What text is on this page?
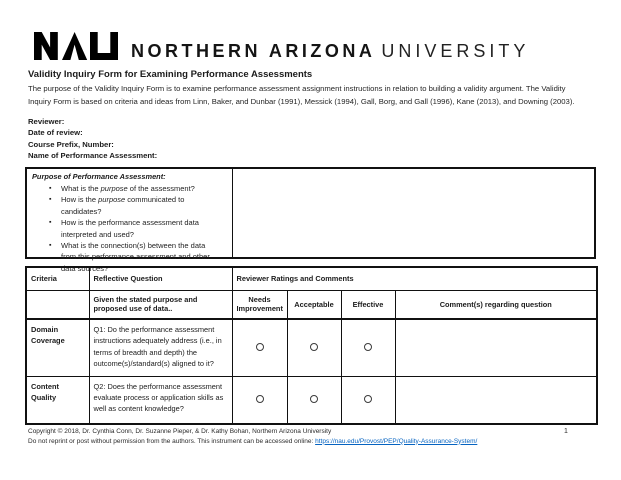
NORTHERN ARIZONA UNIVERSITY
Validity Inquiry Form for Examining Performance Assessments
The purpose of the Validity Inquiry Form is to examine performance assessment assignment instructions in relation to building a validity argument. The Validity Inquiry Form is based on criteria and ideas from Linn, Baker, and Dunbar (1991), Messick (1994), Gall, Borg, and Gall (1996), Kane (2013), and Downing (2003).
Reviewer:
Date of review:
Course Prefix, Number:
Name of Performance Assessment:
Purpose of Performance Assessment:
▪ What is the purpose of the assessment?
▪ How is the purpose communicated to candidates?
▪ How is the performance assessment data interpreted and used?
▪ What is the connection(s) between the data from this performance assessment and other data sources?
Criteria	Reflective Question	Reviewer Ratings and Comments			
	Given the stated purpose and proposed use of data..	Needs Improvement	Acceptable	Effective	Comment(s) regarding question
Domain Coverage	Q1: Do the performance assessment instructions adequately address (i.e., in terms of breadth and depth) the outcome(s)/standard(s) aligned to it?				
Content Quality	Q2: Does the performance assessment evaluate process or application skills as well as content knowledge?				
Copyright © 2018, Dr. Cynthia Conn, Dr. Suzanne Pieper, & Dr. Kathy Bohan, Northern Arizona University
Do not reprint or post without permission from the authors. This instrument can be accessed online: https://nau.edu/Provost/PEP/Quality-Assurance-System/
1
